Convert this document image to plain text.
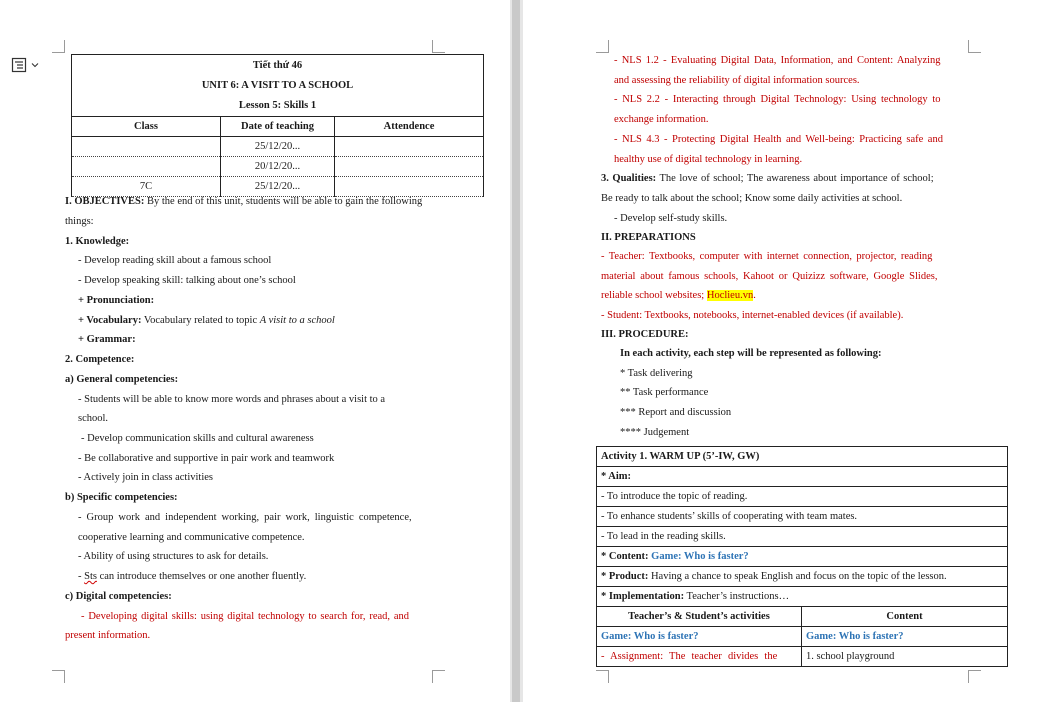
Tiết thứ 46
UNIT 6: A VISIT TO A SCHOOL
Lesson 5: Skills 1		

Class	Date of teaching	Attendence
	25/12/20...	
	20/12/20...	
7C	25/12/20...	
I. OBJECTIVES: By the end of this unit, students will be able to gain the following
things:
1. Knowledge:
- Develop reading skill about a famous school
- Develop speaking skill: talking about one’s school
+ Pronunciation:
+ Vocabulary: Vocabulary related to topic A visit to a school
+ Grammar:
2. Competence:
a) General competencies:
- Students will be able to know more words and phrases about a visit to a
school.
- Develop communication skills and cultural awareness
- Be collaborative and supportive in pair work and teamwork
- Actively join in class activities
b) Specific competencies:
- Group work and independent working, pair work, linguistic competence,
cooperative learning and communicative competence.
- Ability of using structures to ask for details.
- Sts can introduce themselves or one another fluently.
c) Digital competencies:
- Developing digital skills: using digital technology to search for, read, and
present information.
- NLS 1.2 - Evaluating Digital Data, Information, and Content: Analyzing
and assessing the reliability of digital information sources.
- NLS 2.2 - Interacting through Digital Technology: Using technology to
exchange information.
- NLS 4.3 - Protecting Digital Health and Well-being: Practicing safe and
healthy use of digital technology in learning.
3. Qualities: The love of school; The awareness about importance of school;
Be ready to talk about the school; Know some daily activities at school.
- Develop self-study skills.
II. PREPARATIONS
- Teacher: Textbooks, computer with internet connection, projector, reading
material about famous schools, Kahoot or Quizizz software, Google Slides,
reliable school websites; Hoclieu.vn.
- Student: Textbooks, notebooks, internet-enabled devices (if available).
III. PROCEDURE:
In each activity, each step will be represented as following:
* Task delivering
** Task performance
*** Report and discussion
**** Judgement
Activity 1. WARM UP (5’-IW, GW)	
* Aim:	
- To introduce the topic of reading.	
- To enhance students’ skills of cooperating with team mates.	
- To lead in the reading skills.	
* Content: Game: Who is faster?	
* Product: Having a chance to speak English and focus on the topic of the lesson.	
* Implementation: Teacher’s instructions…	
Teacher’s & Student’s activities	Content
Game: Who is faster?	Game: Who is faster?
- Assignment: The teacher divides the	1. school playground
